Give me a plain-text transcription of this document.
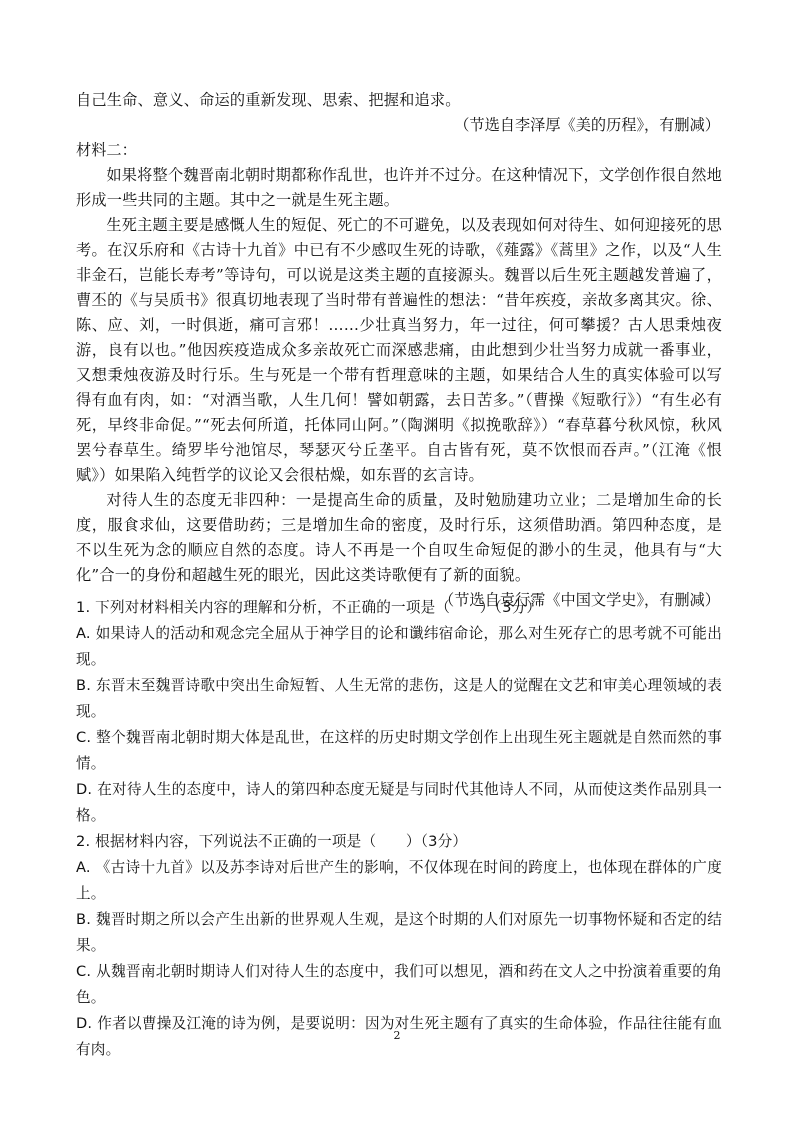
自己生命、意义、命运的重新发现、思索、把握和追求。

（节选自李泽厚《美的历程》，有删减）

材料二：

如果将整个魏晋南北朝时期都称作乱世，也许并不过分。在这种情况下，文学创作很自然地形成一些共同的主题。其中之一就是生死主题。

生死主题主要是感慨人生的短促、死亡的不可避免，以及表现如何对待生、如何迎接死的思考。在汉乐府和《古诗十九首》中已有不少感叹生死的诗歌，《薤露》《蒿里》之作，以及“人生非金石，岂能长寿考”等诗句，可以说是这类主题的直接源头。魏晋以后生死主题越发普遍了，曹丕的《与吴质书》很真切地表现了当时带有普遍性的想法：“昔年疾疫，亲故多离其灾。徐、陈、应、刘，一时俱逝，痛可言邪！……少壮真当努力，年一过往，何可攀援？古人思秉烛夜游，良有以也。”他因疾疫造成众多亲故死亡而深感悲痛，由此想到少壮当努力成就一番事业，又想秉烛夜游及时行乐。生与死是一个带有哲理意味的主题，如果结合人生的真实体验可以写得有血有肉，如：“对酒当歌，人生几何！譬如朝露，去日苦多。”（曹操《短歌行》）“有生必有死，早终非命促。”“死去何所道，托体同山阿。”（陶渊明《拟挽歌辞》）“春草暮兮秋风惊，秋风罢兮春草生。绮罗毕兮池馆尽，琴瑟灭兮丘垄平。自古皆有死，莫不饮恨而吞声。”（江淹《恨赋》）如果陷入纯哲学的议论又会很枯燥，如东晋的玄言诗。

对待人生的态度无非四种：一是提高生命的质量，及时勉励建功立业；二是增加生命的长度，服食求仙，这要借助药；三是增加生命的密度，及时行乐，这须借助酒。第四种态度，是不以生死为念的顺应自然的态度。诗人不再是一个自叹生命短促的渺小的生灵，他具有与“大化”合一的身份和超越生死的眼光，因此这类诗歌便有了新的面貌。

（节选自袁行霈《中国文学史》，有删减）

1. 下列对材料相关内容的理解和分析，不正确的一项是（　　）（3分）

A. 如果诗人的活动和观念完全屈从于神学目的论和谶纬宿命论，那么对生死存亡的思考就不可能出现。

B. 东晋末至魏晋诗歌中突出生命短暂、人生无常的悲伤，这是人的觉醒在文艺和审美心理领域的表现。

C. 整个魏晋南北朝时期大体是乱世，在这样的历史时期文学创作上出现生死主题就是自然而然的事情。

D. 在对待人生的态度中，诗人的第四种态度无疑是与同时代其他诗人不同，从而使这类作品别具一格。

2. 根据材料内容，下列说法不正确的一项是（　　）（3分）

A. 《古诗十九首》以及苏李诗对后世产生的影响，不仅体现在时间的跨度上，也体现在群体的广度上。

B. 魏晋时期之所以会产生出新的世界观人生观，是这个时期的人们对原先一切事物怀疑和否定的结果。

C. 从魏晋南北朝时期诗人们对待人生的态度中，我们可以想见，酒和药在文人之中扮演着重要的角色。

D. 作者以曹操及江淹的诗为例，是要说明：因为对生死主题有了真实的生命体验，作品往往能有血有肉。

2
